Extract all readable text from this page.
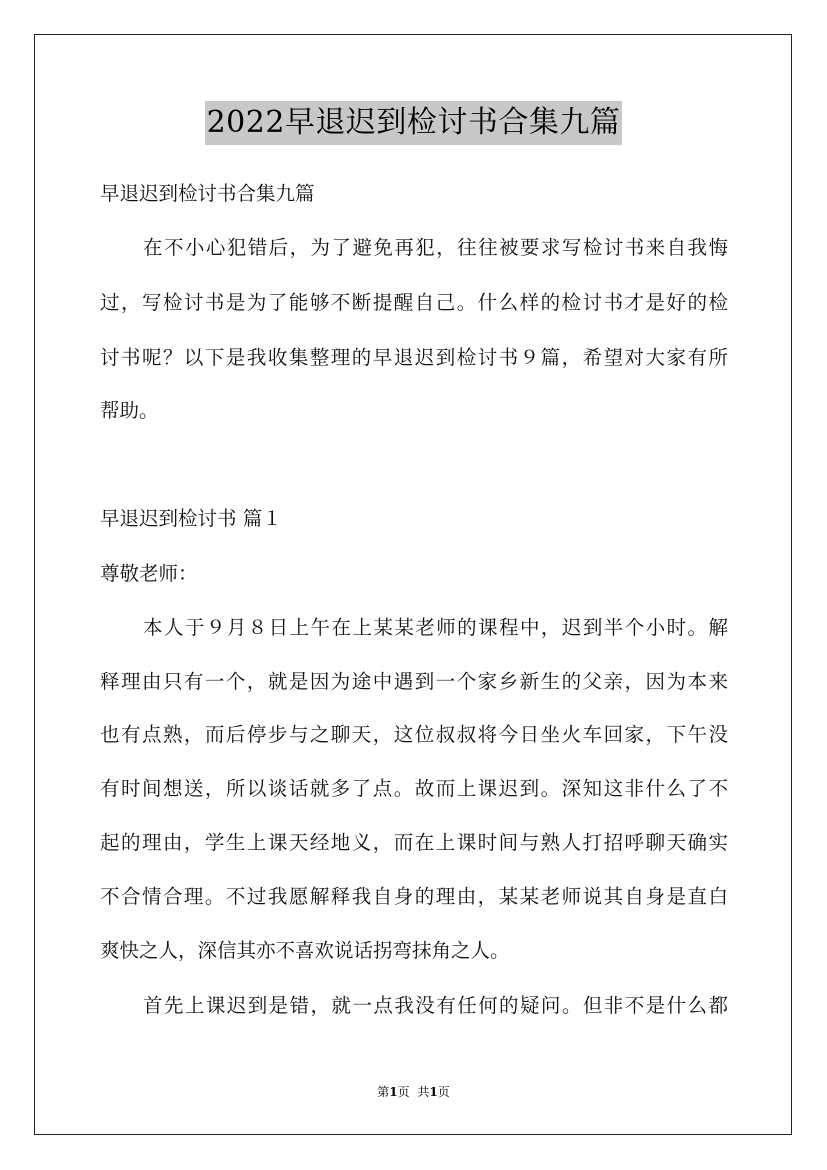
2022早退迟到检讨书合集九篇
早退迟到检讨书合集九篇
在不小心犯错后，为了避免再犯，往往被要求写检讨书来自我悔
过，写检讨书是为了能够不断提醒自己。什么样的检讨书才是好的检
讨书呢？以下是我收集整理的早退迟到检讨书９篇，希望对大家有所
帮助。
早退迟到检讨书 篇１
尊敬老师：
本人于９月８日上午在上某某老师的课程中，迟到半个小时。解
释理由只有一个，就是因为途中遇到一个家乡新生的父亲，因为本来
也有点熟，而后停步与之聊天，这位叔叔将今日坐火车回家，下午没
有时间想送，所以谈话就多了点。故而上课迟到。深知这非什么了不
起的理由，学生上课天经地义，而在上课时间与熟人打招呼聊天确实
不合情合理。不过我愿解释我自身的理由，某某老师说其自身是直白
爽快之人，深信其亦不喜欢说话拐弯抹角之人。
首先上课迟到是错，就一点我没有任何的疑问。但非不是什么都
第1页 共1页
